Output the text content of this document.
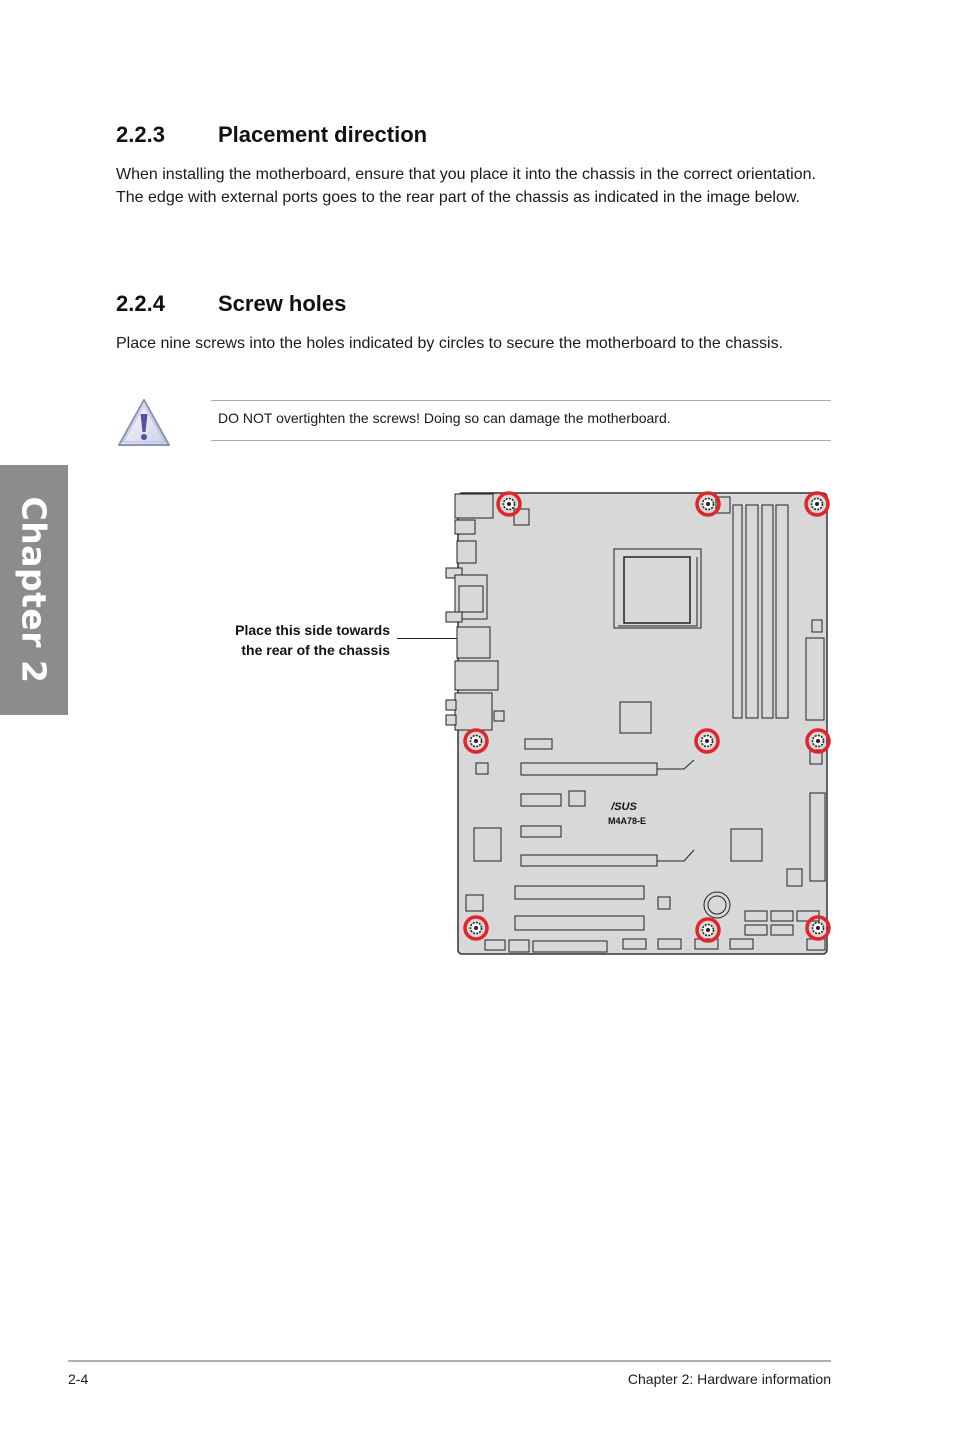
Chapter 2
2.2.3 Placement direction
When installing the motherboard, ensure that you place it into the chassis in the correct orientation. The edge with external ports goes to the rear part of the chassis as indicated in the image below.
2.2.4 Screw holes
Place nine screws into the holes indicated by circles to secure the motherboard to the chassis.
DO NOT overtighten the screws! Doing so can damage the motherboard.
Place this side towards
the rear of the chassis
/SUS
M4A78-E
2-4	Chapter 2: Hardware information
